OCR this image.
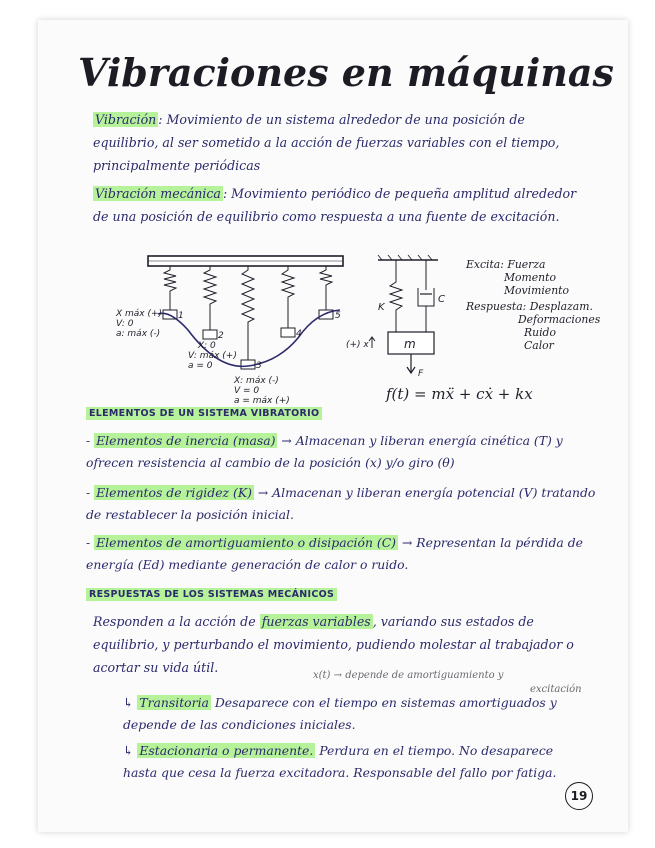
Vibraciones en máquinas
Vibración : Movimiento de un sistema alrededor de una posición de equilibrio, al ser sometido a la acción de fuerzas variables con el tiempo, principalmente periódicas
Vibración mecánica : Movimiento periódico de pequeña amplitud alrededor de una posición de equilibrio como respuesta a una fuente de excitación.
1
2
3
4
5
X máx (+)
V: 0
a: máx (-)
X: 0
V: máx (+)
a = 0
X: máx (-)
V = 0
a = máx (+)
m
F
K
C
(+) x
Excita: Fuerza
Momento
Movimiento
Respuesta: Desplazam.
Deformaciones
Ruido
Calor
f(t) = mẍ + cẋ + kx
ELEMENTOS DE UN SISTEMA VIBRATORIO
- Elementos de inercia (masa) → Almacenan y liberan energía cinética (T) y ofrecen resistencia al cambio de la posición (x) y/o giro (θ)
- Elementos de rigidez (K) → Almacenan y liberan energía potencial (V) tratando de restablecer la posición inicial.
- Elementos de amortiguamiento o disipación (C) → Representan la pérdida de energía (Ed) mediante generación de calor o ruido.
RESPUESTAS DE LOS SISTEMAS MECÁNICOS
Responden a la acción de fuerzas variables , variando sus estados de equilibrio, y perturbando el movimiento, pudiendo molestar al trabajador o acortar su vida útil.
x(t) → depende de amortiguamiento y
excitación
↳ Transitoria Desaparece con el tiempo en sistemas amortiguados y depende de las condiciones iniciales.
↳ Estacionaria o permanente. Perdura en el tiempo. No desaparece hasta que cesa la fuerza excitadora. Responsable del fallo por fatiga.
19
